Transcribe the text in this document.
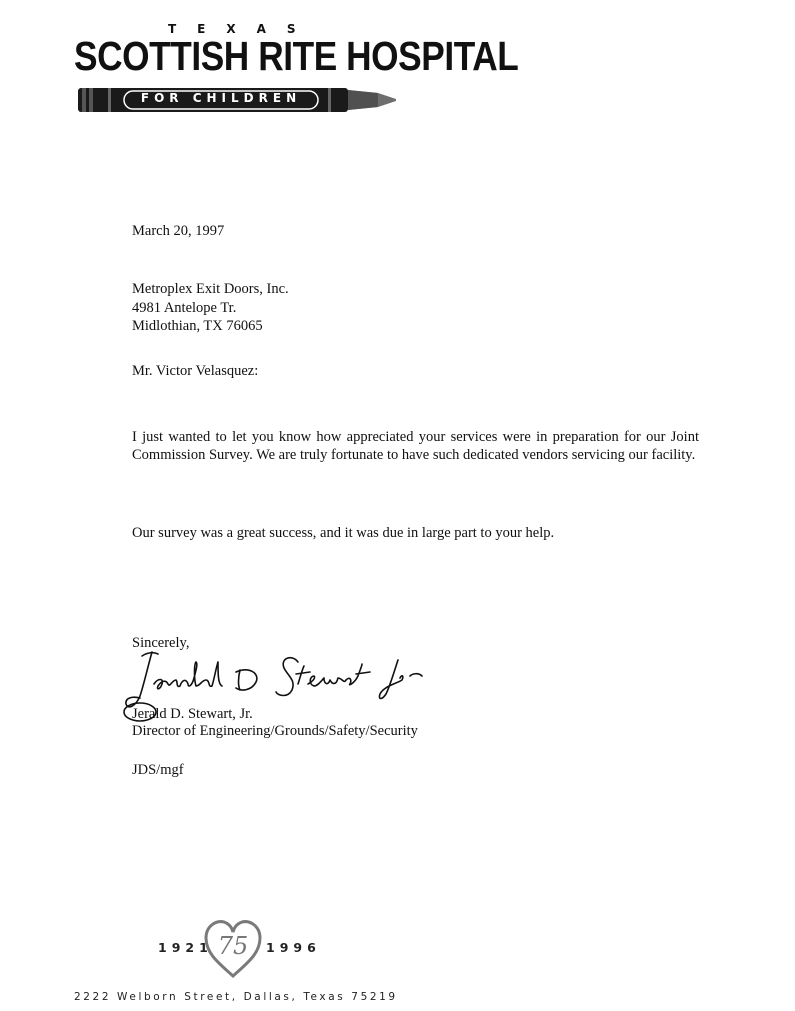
TEXAS
SCOTTISH RITE HOSPITAL
FOR CHILDREN
March 20, 1997
Metroplex Exit Doors, Inc.
4981 Antelope Tr.
Midlothian, TX 76065
Mr. Victor Velasquez:
I just wanted to let you know how appreciated your services were in preparation for our Joint Commission Survey. We are truly fortunate to have such dedicated vendors servicing our facility.
Our survey was a great success, and it was due in large part to your help.
Sincerely,
Jerald D. Stewart, Jr.
Director of Engineering/Grounds/Safety/Security
JDS/mgf
1921 75 1996
2222 Welborn Street, Dallas, Texas 75219
